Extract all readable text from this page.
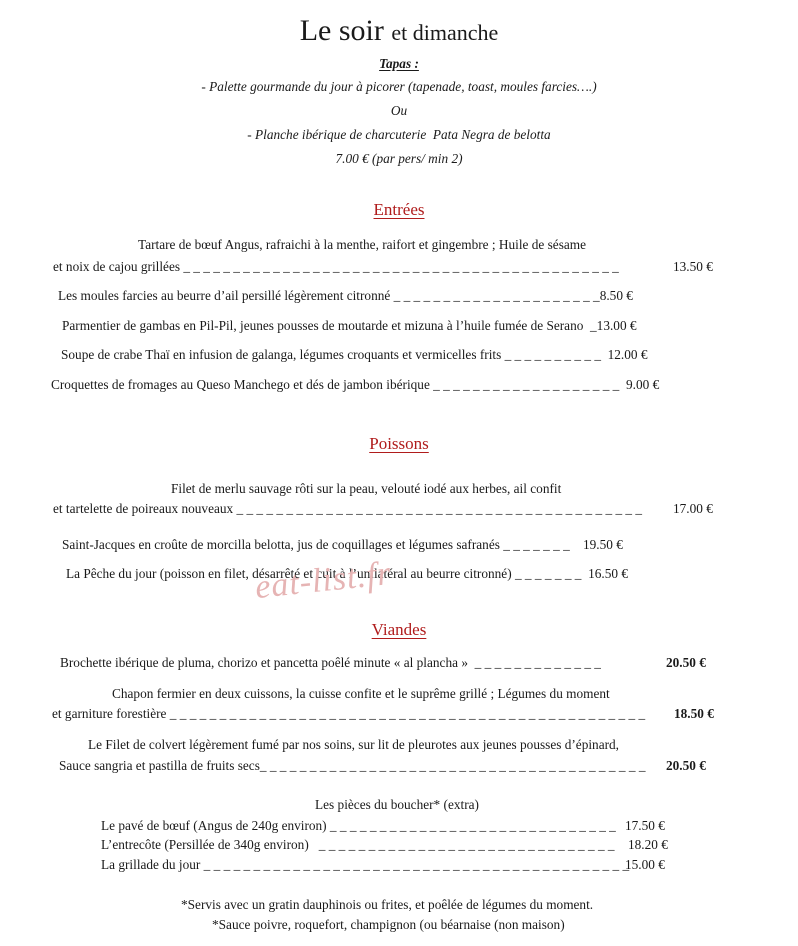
Le soir et dimanche
Tapas :
- Palette gourmande du jour à picorer (tapenade, toast, moules farcies….)
Ou
- Planche ibérique de charcuterie  Pata Negra de belotta
7.00 € (par pers/ min 2)
Entrées
Tartare de bœuf Angus, rafraichi à la menthe, raifort et gingembre ; Huile de sésame
et noix de cajou grillées _ _ _ _ _ _ _ _ _ _ _ _ _ _ _ _ _ _ _ _ _ _ _ _ _ _ _ _ _ _ _ _ _ _ _ _ _ _ _ _ _ _ _ _	13.50 €
Les moules farcies au beurre d’ail persillé légèrement citronné _ _ _ _ _ _ _ _ _ _ _ _ _ _ _ _ _ _ _ _ _8.50 €
Parmentier de gambas en Pil-Pil, jeunes pousses de moutarde et mizuna à l’huile fumée de Serano  _13.00 €
Soupe de crabe Thaï en infusion de galanga, légumes croquants et vermicelles frits _ _ _ _ _ _ _ _ _ _  12.00 €
Croquettes de fromages au Queso Manchego et dés de jambon ibérique _ _ _ _ _ _ _ _ _ _ _ _ _ _ _ _ _ _ _  9.00 €
Poissons
Filet de merlu sauvage rôti sur la peau, velouté iodé aux herbes, ail confit
et tartelette de poireaux nouveaux _ _ _ _ _ _ _ _ _ _ _ _ _ _ _ _ _ _ _ _ _ _ _ _ _ _ _ _ _ _ _ _ _ _ _ _ _ _ _ _ _ 17.00 €
Saint-Jacques en croûte de morcilla belotta, jus de coquillages et légumes safranés _ _ _ _ _ _ _    19.50 €
La Pêche du jour (poisson en filet, désarrêté et cuit à l’unilatéral au beurre citronné) _ _ _ _ _ _ _  16.50 €
eat-list.fr
Viandes
Brochette ibérique de pluma, chorizo et pancetta poêlé minute « al plancha »  _ _ _ _ _ _ _ _ _ _ _ _ _	20.50 €
Chapon fermier en deux cuissons, la cuisse confite et le suprême grillé ; Légumes du moment
et garniture forestière _ _ _ _ _ _ _ _ _ _ _ _ _ _ _ _ _ _ _ _ _ _ _ _ _ _ _ _ _ _ _ _ _ _ _ _ _ _ _ _ _ _ _ _ _ _ _ _ 18.50 €
Le Filet de colvert légèrement fumé par nos soins, sur lit de pleurotes aux jeunes pousses d’épinard,
Sauce sangria et pastilla de fruits secs_ _ _ _ _ _ _ _ _ _ _ _ _ _ _ _ _ _ _ _ _ _ _ _ _ _ _ _ _ _ _ _ _ _ _ _ _ _ _ 20.50 €
Les pièces du boucher* (extra)
Le pavé de bœuf (Angus de 240g environ) _ _ _ _ _ _ _ _ _ _ _ _ _ _ _ _ _ _ _ _ _ _ _ _ _ _ _ _ _ 17.50 €
L’entrecôte (Persillée de 340g environ)   _ _ _ _ _ _ _ _ _ _ _ _ _ _ _ _ _ _ _ _ _ _ _ _ _ _ _ _ _ _ 18.20 €
La grillade du jour _ _ _ _ _ _ _ _ _ _ _ _ _ _ _ _ _ _ _ _ _ _ _ _ _ _ _ _ _ _ _ _ _ _ _ _ _ _ _ _ _ _ _
15.00 €
*Servis avec un gratin dauphinois ou frites, et poêlée de légumes du moment.
*Sauce poivre, roquefort, champignon (ou béarnaise (non maison)
